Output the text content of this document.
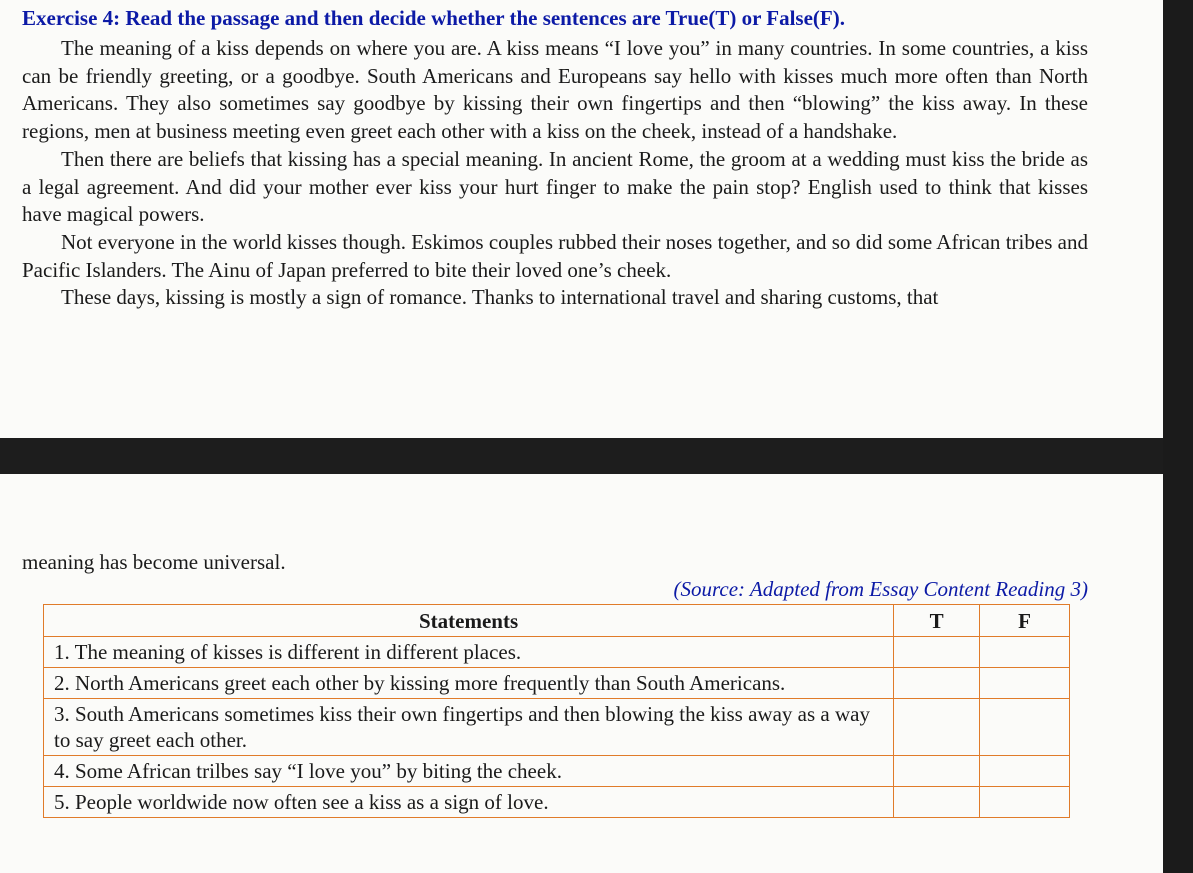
Exercise 4: Read the passage and then decide whether the sentences are True(T) or False(F).

The meaning of a kiss depends on where you are. A kiss means “I love you” in many countries. In some countries, a kiss can be friendly greeting, or a goodbye. South Americans and Europeans say hello with kisses much more often than North Americans. They also sometimes say goodbye by kissing their own fingertips and then “blowing” the kiss away. In these regions, men at business meeting even greet each other with a kiss on the cheek, instead of a handshake.

Then there are beliefs that kissing has a special meaning. In ancient Rome, the groom at a wedding must kiss the bride as a legal agreement. And did your mother ever kiss your hurt finger to make the pain stop? English used to think that kisses have magical powers.

Not everyone in the world kisses though. Eskimos couples rubbed their noses together, and so did some African tribes and Pacific Islanders. The Ainu of Japan preferred to bite their loved one’s cheek.

These days, kissing is mostly a sign of romance. Thanks to international travel and sharing customs, that

meaning has become universal.
(Source: Adapted from Essay Content Reading 3)
Statements	T	F
1. The meaning of kisses is different in different places.		
2. North Americans greet each other by kissing more frequently than South Americans.		
3. South Americans sometimes kiss their own fingertips and then blowing the kiss away as a way to say greet each other.		
4. Some African trilbes say “I love you” by biting the cheek.		
5. People worldwide now often see a kiss as a sign of love.		
